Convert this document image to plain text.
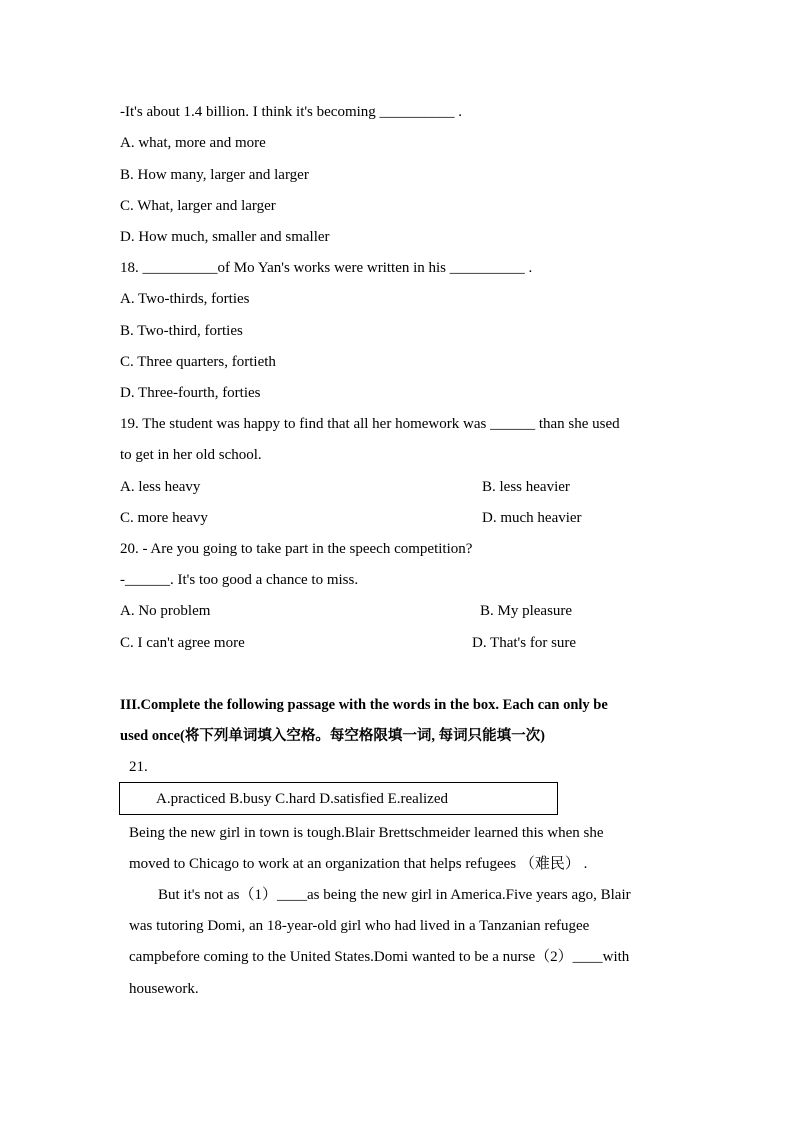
-It's about 1.4 billion. I think it's becoming __________ .
A. what, more and more
B. How many, larger and larger
C. What, larger and larger
D. How much, smaller and smaller
18. __________of Mo Yan's works were written in his __________ .
A. Two-thirds, forties
B. Two-third, forties
C. Three quarters, fortieth
D. Three-fourth, forties
19. The student was happy to find that all her homework was ______ than she used
to get in her old school.
A. less heavy	B. less heavier
C. more heavy	D. much heavier
20. - Are you going to take part in the speech competition?
-______. It's too good a chance to miss.
A. No problem	B. My pleasure
C. I can't agree more	D. That's for sure
III.Complete the following passage with the words in the box. Each can only be
used once(将下列单词填入空格。每空格限填一词, 每词只能填一次)
21.
A.practiced B.busy C.hard D.satisfied E.realized
Being the new girl in town is tough.Blair Brettschmeider learned this when she
moved to Chicago to work at an organization that helps refugees （难民） .
But it's not as（1）____as being the new girl in America.Five years ago, Blair
was tutoring Domi, an 18-year-old girl who had lived in a Tanzanian refugee
campbefore coming to the United States.Domi wanted to be a nurse（2）____with
housework.
